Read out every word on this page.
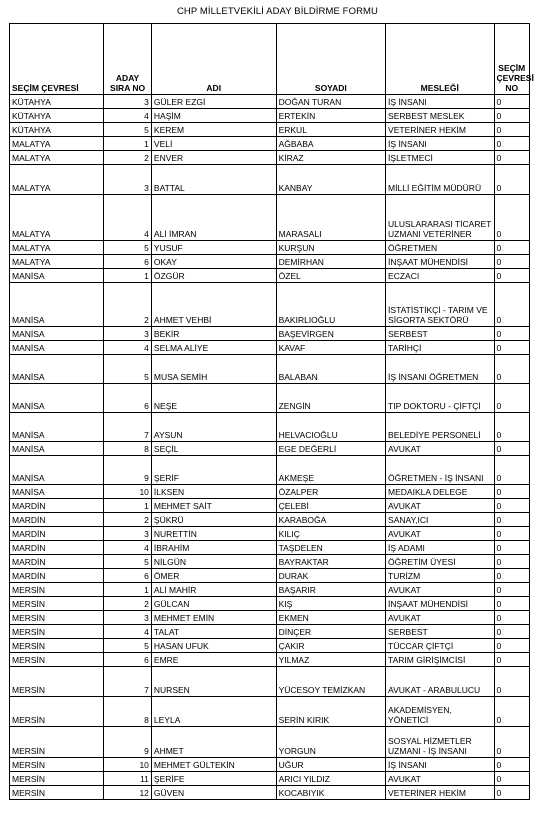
CHP MİLLETVEKİLİ ADAY BİLDİRME FORMU
SEÇİM ÇEVRESİ	ADAY SIRA NO	ADI	SOYADI	MESLEĞİ	SEÇİM ÇEVRESİ NO
KÜTAHYA	3	GÜLER EZGİ	DOĞAN TURAN	İŞ İNSANI	0
KÜTAHYA	4	HAŞİM	ERTEKİN	SERBEST MESLEK	0
KÜTAHYA	5	KEREM	ERKUL	VETERİNER HEKİM	0
MALATYA	1	VELİ	AĞBABA	İŞ İNSANI	0
MALATYA	2	ENVER	KİRAZ	İŞLETMECİ	0
MALATYA	3	BATTAL	KANBAY	MİLLİ EĞİTİM MÜDÜRÜ	0
MALATYA	4	ALİ İMRAN	MARASALI	ULUSLARARASI TİCARET UZMANI VETERİNER	0
MALATYA	5	YUSUF	KURŞUN	ÖĞRETMEN	0
MALATYA	6	OKAY	DEMİRHAN	İNŞAAT MÜHENDİSİ	0
MANİSA	1	ÖZGÜR	ÖZEL	ECZACI	0
MANİSA	2	AHMET VEHBİ	BAKIRLIOĞLU	İSTATİSTİKÇİ - TARIM VE SİGORTA SEKTÖRÜ	0
MANİSA	3	BEKİR	BAŞEVİRGEN	SERBEST	0
MANİSA	4	SELMA ALİYE	KAVAF	TARİHÇİ	0
MANİSA	5	MUSA SEMİH	BALABAN	İŞ İNSANI ÖĞRETMEN	0
MANİSA	6	NEŞE	ZENGİN	TIP DOKTORU - ÇİFTÇİ	0
MANİSA	7	AYSUN	HELVACIOĞLU	BELEDİYE PERSONELİ	0
MANİSA	8	SEÇİL	EGE DEĞERLİ	AVUKAT	0
MANİSA	9	ŞERİF	AKMEŞE	ÖĞRETMEN - İŞ İNSANI	0
MANİSA	10	İLKSEN	ÖZALPER	MEDAIKLA DELEGE	0
MARDİN	1	MEHMET SAİT	ÇELEBİ	AVUKAT	0
MARDİN	2	ŞÜKRÜ	KARABOĞA	SANAY,ICI	0
MARDİN	3	NURETTİN	KILIÇ	AVUKAT	0
MARDİN	4	İBRAHİM	TAŞDELEN	İŞ ADAMI	0
MARDİN	5	NİLGÜN	BAYRAKTAR	ÖĞRETİM ÜYESİ	0
MARDİN	6	ÖMER	DURAK	TURİZM	0
MERSİN	1	ALİ MAHİR	BAŞARIR	AVUKAT	0
MERSİN	2	GÜLCAN	KIŞ	İNŞAAT MÜHENDİSİ	0
MERSİN	3	MEHMET EMİN	EKMEN	AVUKAT	0
MERSİN	4	TALAT	DİNÇER	SERBEST	0
MERSİN	5	HASAN UFUK	ÇAKIR	TÜCCAR ÇİFTÇİ	0
MERSİN	6	EMRE	YILMAZ	TARIM GİRİŞİMCİSİ	0
MERSİN	7	NURSEN	YÜCESOY TEMİZKAN	AVUKAT - ARABULUCU	0
MERSİN	8	LEYLA	SERİN KIRIK	AKADEMİSYEN, YÖNETİCİ	0
MERSİN	9	AHMET	YORGUN	SOSYAL HİZMETLER UZMANI - İŞ İNSANI	0
MERSİN	10	MEHMET GÜLTEKİN	UĞUR	İŞ İNSANI	0
MERSİN	11	ŞERİFE	ARICI YILDIZ	AVUKAT	0
MERSİN	12	GÜVEN	KOCABIYIK	VETERİNER HEKİM	0
